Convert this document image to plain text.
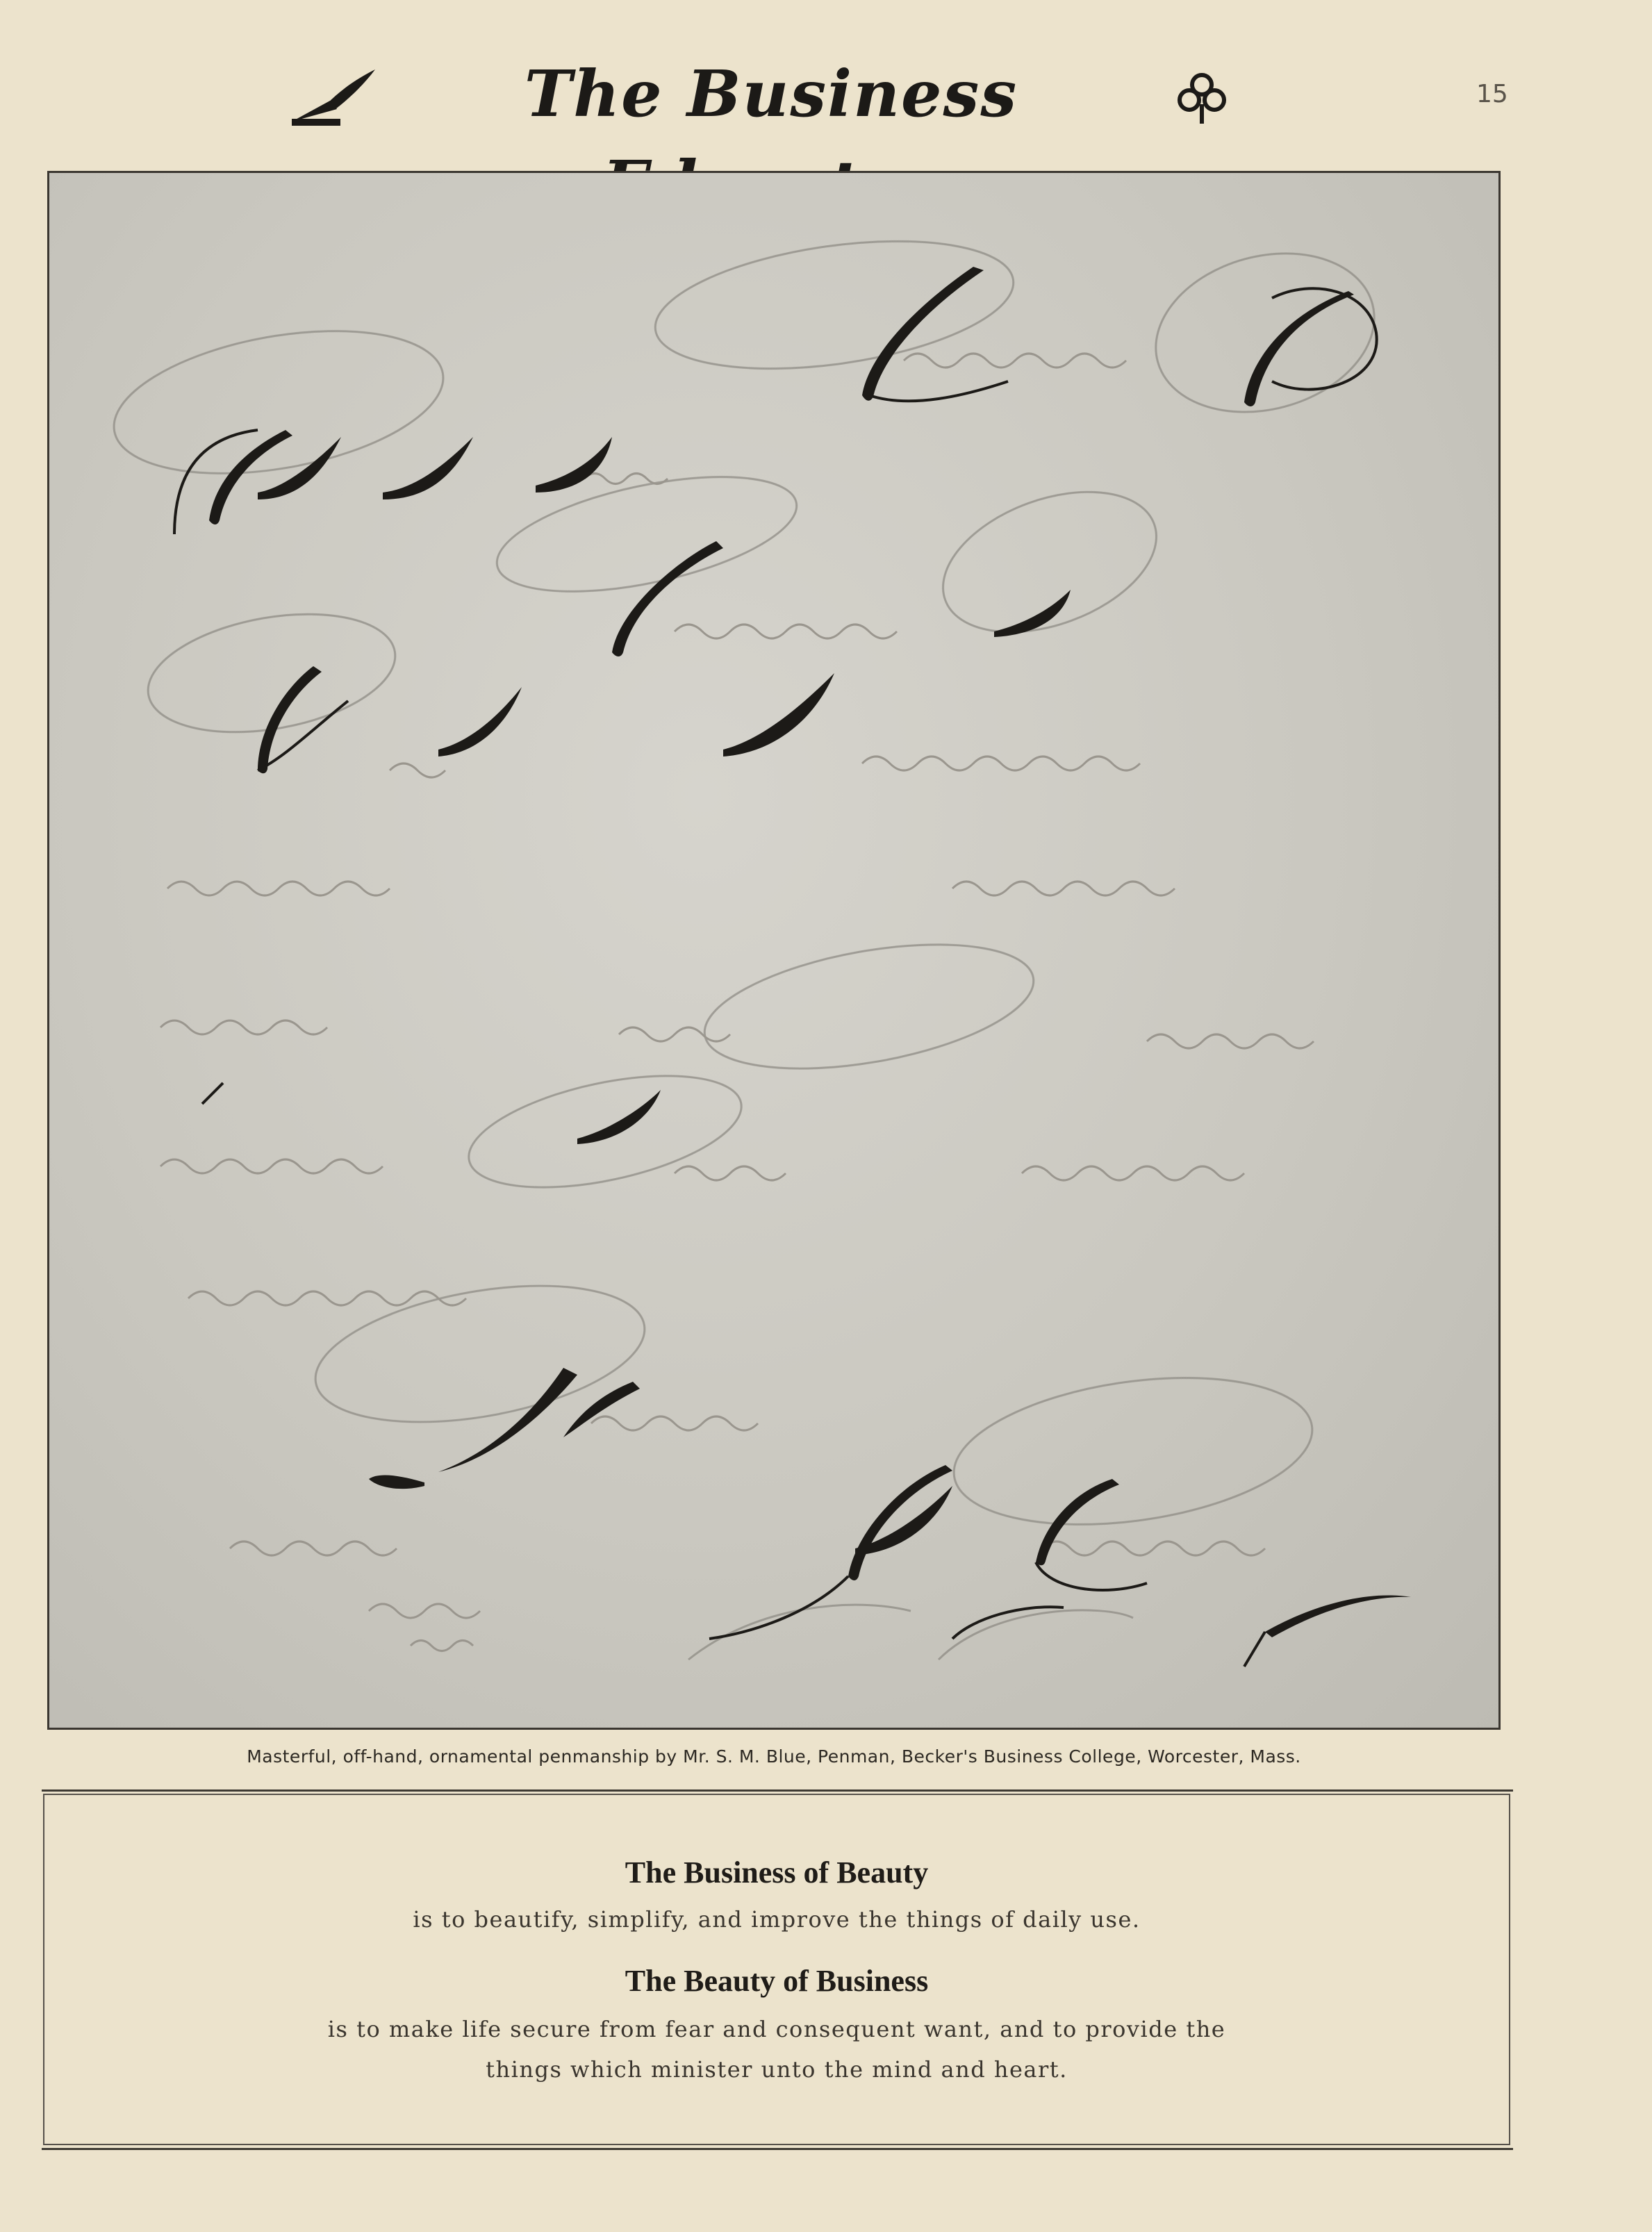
The Business	15
Masterful, off-hand, ornamental penmanship by Mr. S. M. Blue, Penman, Becker's Business College, Worcester, Mass.
The Business of Beauty
is to beautify, simplify, and improve the things of daily use.
The Beauty of Business
is to make life secure from fear and consequent want, and to provide the
things which minister unto the mind and heart.
